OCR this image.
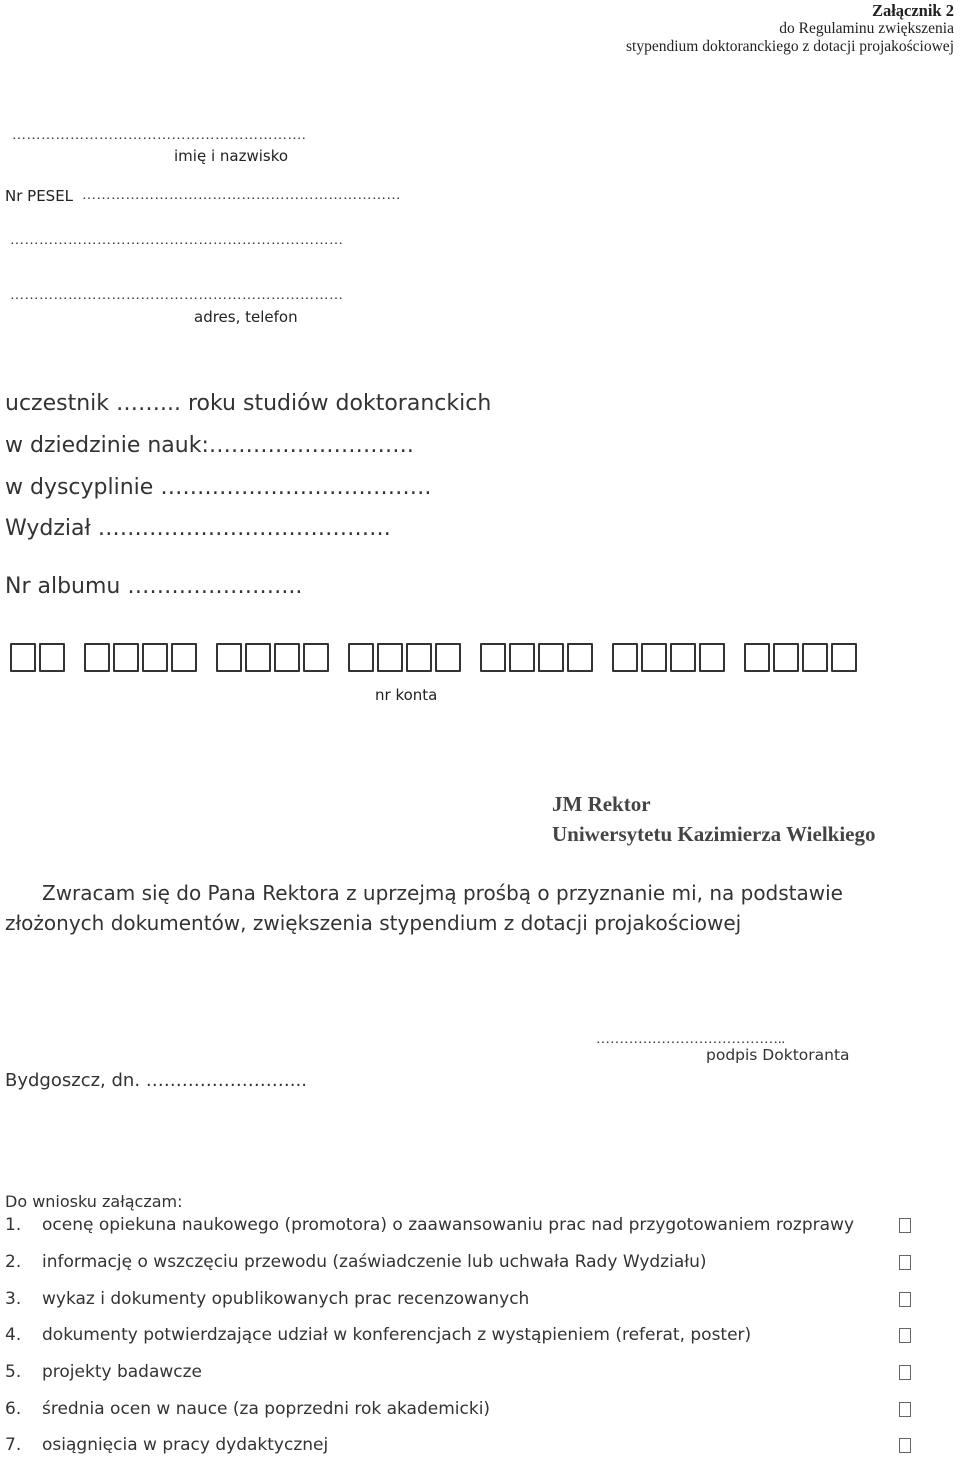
Załącznik 2
do Regulaminu zwiększenia
stypendium doktoranckiego z dotacji projakościowej
…………………………………………………….
imię i nazwisko
Nr PESEL …………………………………………………………
……………………………………………………………
……………………………………………………………
adres, telefon
uczestnik ……... roku studiów doktoranckich
w dziedzinie nauk:……………………….
w dyscyplinie ……………………………….
Wydział ………………………………….
Nr albumu …………………...
nr konta
JM Rektor
Uniwersytetu Kazimierza Wielkiego
Zwracam się do Pana Rektora z uprzejmą prośbą o przyznanie mi, na podstawie
złożonych dokumentów, zwiększenia stypendium z dotacji projakościowej
…………………………………..
podpis Doktoranta
Bydgoszcz, dn. ……………………...
Do wniosku załączam:
1.	ocenę opiekuna naukowego (promotora) o zaawansowaniu prac nad przygotowaniem rozprawy
2.	informację o wszczęciu przewodu (zaświadczenie lub uchwała Rady Wydziału)
3.	wykaz i dokumenty opublikowanych prac recenzowanych
4.	dokumenty potwierdzające udział w konferencjach z wystąpieniem (referat, poster)
5.	projekty badawcze
6.	średnia ocen w nauce (za poprzedni rok akademicki)
7.	osiągnięcia w pracy dydaktycznej
